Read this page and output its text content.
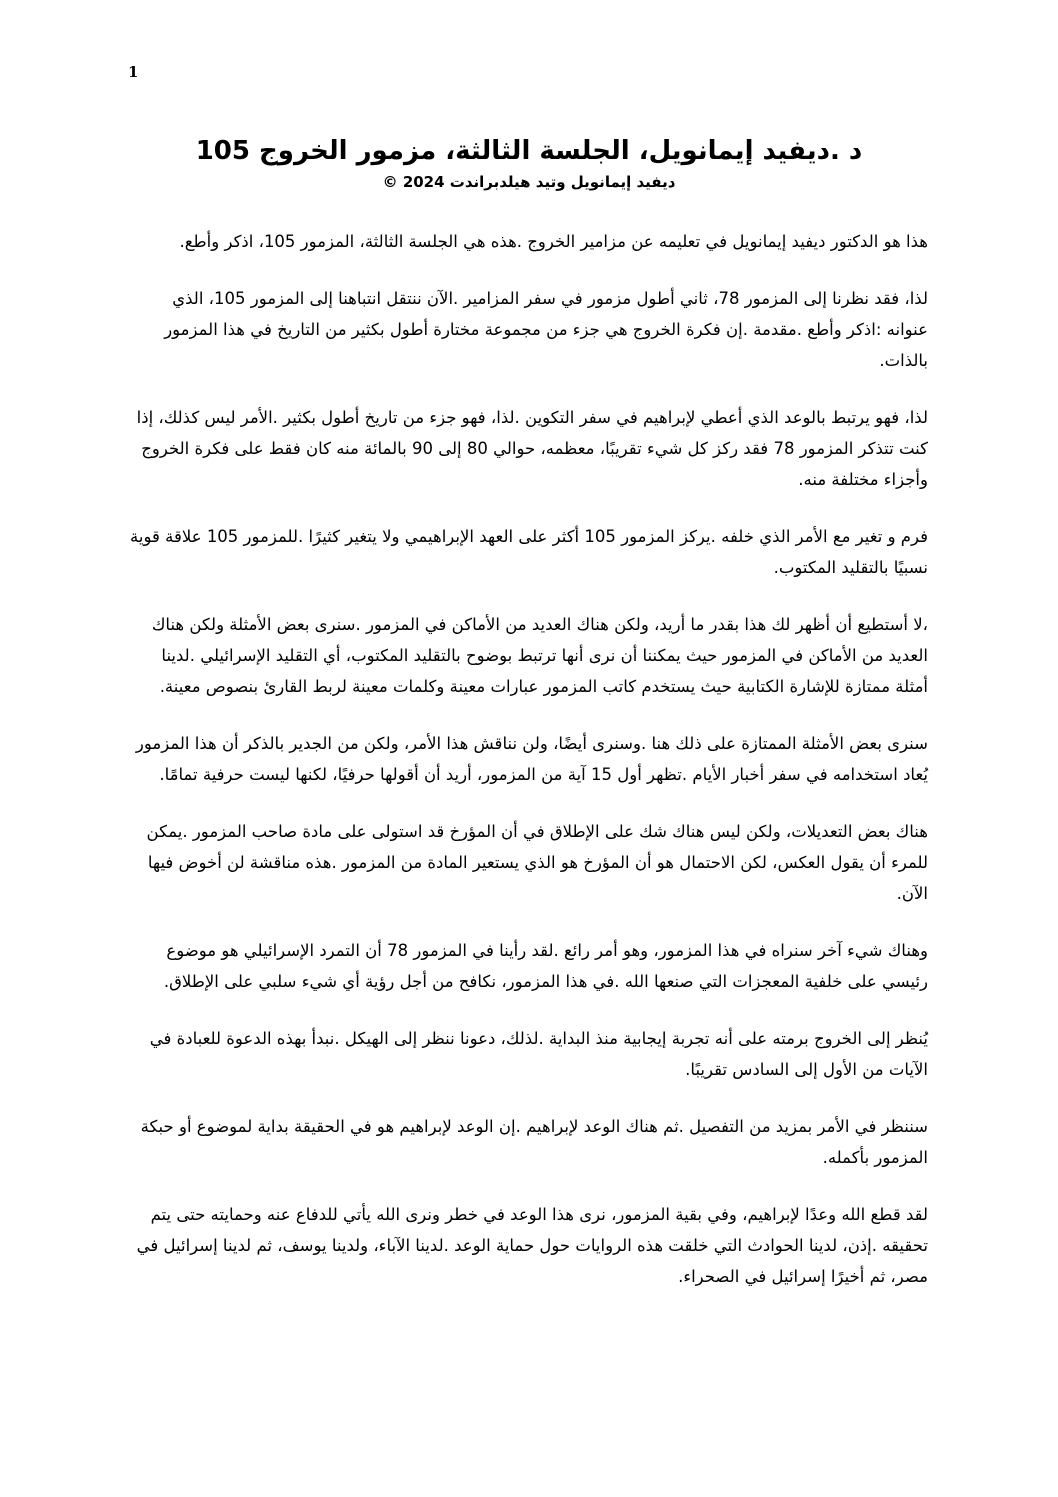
1

د .ديفيد إيمانويل، الجلسة الثالثة، مزمور الخروج 105

ديفيد إيمانويل وتيد هيلدبراندت 2024 ©

هذا هو الدكتور ديفيد إيمانويل في تعليمه عن مزامير الخروج .هذه هي الجلسة الثالثة، المزمور 105، اذكر وأطع.

لذا، فقد نظرنا إلى المزمور 78، ثاني أطول مزمور في سفر المزامير .الآن ننتقل انتباهنا إلى المزمور 105، الذي عنوانه :اذكر وأطع .مقدمة .إن فكرة الخروج هي جزء من مجموعة مختارة أطول بكثير من التاريخ في هذا المزمور بالذات.

لذا، فهو يرتبط بالوعد الذي أعطي لإبراهيم في سفر التكوين .لذا، فهو جزء من تاريخ أطول بكثير .الأمر ليس كذلك، إذا كنت تتذكر المزمور 78 فقد ركز كل شيء تقريبًا، معظمه، حوالي 80 إلى 90 بالمائة منه كان فقط على فكرة الخروج وأجزاء مختلفة منه.

فرم و تغير مع الأمر الذي خلفه .يركز المزمور 105 أكثر على العهد الإبراهيمي ولا يتغير كثيرًا .للمزمور 105 علاقة قوية نسبيًا بالتقليد المكتوب.

،لا أستطيع أن أظهر لك هذا بقدر ما أريد، ولكن هناك العديد من الأماكن في المزمور .سنرى بعض الأمثلة ولكن هناك العديد من الأماكن في المزمور حيث يمكننا أن نرى أنها ترتبط بوضوح بالتقليد المكتوب، أي التقليد الإسرائيلي .لدينا أمثلة ممتازة للإشارة الكتابية حيث يستخدم كاتب المزمور عبارات معينة وكلمات معينة لربط القارئ بنصوص معينة.

سنرى بعض الأمثلة الممتازة على ذلك هنا .وسنرى أيضًا، ولن نناقش هذا الأمر، ولكن من الجدير بالذكر أن هذا المزمور يُعاد استخدامه في سفر أخبار الأيام .تظهر أول 15 آية من المزمور، أريد أن أقولها حرفيًا، لكنها ليست حرفية تمامًا.

هناك بعض التعديلات، ولكن ليس هناك شك على الإطلاق في أن المؤرخ قد استولى على مادة صاحب المزمور .يمكن للمرء أن يقول العكس، لكن الاحتمال هو أن المؤرخ هو الذي يستعير المادة من المزمور .هذه مناقشة لن أخوض فيها الآن.

وهناك شيء آخر سنراه في هذا المزمور، وهو أمر رائع .لقد رأينا في المزمور 78 أن التمرد الإسرائيلي هو موضوع رئيسي على خلفية المعجزات التي صنعها الله .في هذا المزمور، نكافح من أجل رؤية أي شيء سلبي على الإطلاق.

يُنظر إلى الخروج برمته على أنه تجربة إيجابية منذ البداية .لذلك، دعونا ننظر إلى الهيكل .نبدأ بهذه الدعوة للعبادة في الآيات من الأول إلى السادس تقريبًا.

سننظر في الأمر بمزيد من التفصيل .ثم هناك الوعد لإبراهيم .إن الوعد لإبراهيم هو في الحقيقة بداية لموضوع أو حبكة المزمور بأكمله.

لقد قطع الله وعدًا لإبراهيم، وفي بقية المزمور، نرى هذا الوعد في خطر ونرى الله يأتي للدفاع عنه وحمايته حتى يتم تحقيقه .إذن، لدينا الحوادث التي خلقت هذه الروايات حول حماية الوعد .لدينا الآباء، ولدينا يوسف، ثم لدينا إسرائيل في مصر، ثم أخيرًا إسرائيل في الصحراء.
